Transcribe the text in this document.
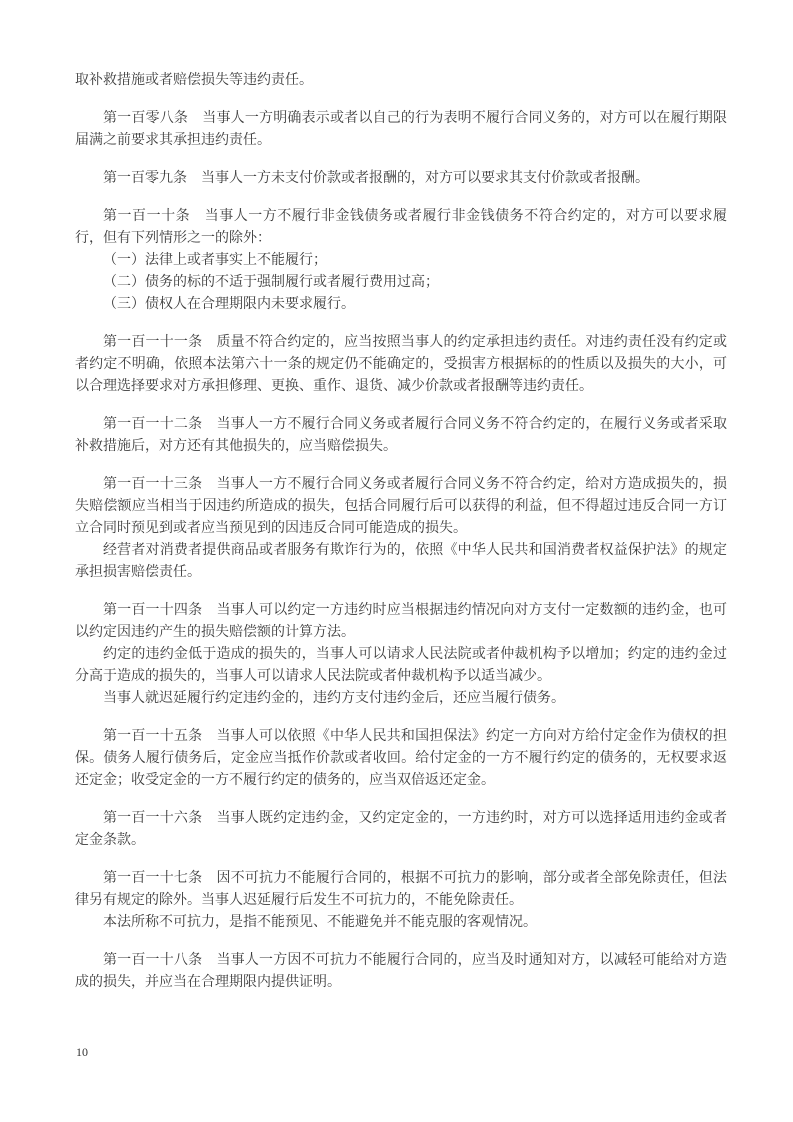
取补救措施或者赔偿损失等违约责任。

第一百零八条　当事人一方明确表示或者以自己的行为表明不履行合同义务的，对方可以在履行期限届满之前要求其承担违约责任。

第一百零九条　当事人一方未支付价款或者报酬的，对方可以要求其支付价款或者报酬。

第一百一十条　当事人一方不履行非金钱债务或者履行非金钱债务不符合约定的，对方可以要求履行，但有下列情形之一的除外：

（一）法律上或者事实上不能履行；

（二）债务的标的不适于强制履行或者履行费用过高；

（三）债权人在合理期限内未要求履行。

第一百一十一条　质量不符合约定的，应当按照当事人的约定承担违约责任。对违约责任没有约定或者约定不明确，依照本法第六十一条的规定仍不能确定的，受损害方根据标的的性质以及损失的大小，可以合理选择要求对方承担修理、更换、重作、退货、减少价款或者报酬等违约责任。

第一百一十二条　当事人一方不履行合同义务或者履行合同义务不符合约定的，在履行义务或者采取补救措施后，对方还有其他损失的，应当赔偿损失。

第一百一十三条　当事人一方不履行合同义务或者履行合同义务不符合约定，给对方造成损失的，损失赔偿额应当相当于因违约所造成的损失，包括合同履行后可以获得的利益，但不得超过违反合同一方订立合同时预见到或者应当预见到的因违反合同可能造成的损失。

经营者对消费者提供商品或者服务有欺诈行为的，依照《中华人民共和国消费者权益保护法》的规定承担损害赔偿责任。

第一百一十四条　当事人可以约定一方违约时应当根据违约情况向对方支付一定数额的违约金，也可以约定因违约产生的损失赔偿额的计算方法。

约定的违约金低于造成的损失的，当事人可以请求人民法院或者仲裁机构予以增加；约定的违约金过分高于造成的损失的，当事人可以请求人民法院或者仲裁机构予以适当减少。

当事人就迟延履行约定违约金的，违约方支付违约金后，还应当履行债务。

第一百一十五条　当事人可以依照《中华人民共和国担保法》约定一方向对方给付定金作为债权的担保。债务人履行债务后，定金应当抵作价款或者收回。给付定金的一方不履行约定的债务的，无权要求返还定金；收受定金的一方不履行约定的债务的，应当双倍返还定金。

第一百一十六条　当事人既约定违约金，又约定定金的，一方违约时，对方可以选择适用违约金或者定金条款。

第一百一十七条　因不可抗力不能履行合同的，根据不可抗力的影响，部分或者全部免除责任，但法律另有规定的除外。当事人迟延履行后发生不可抗力的，不能免除责任。

本法所称不可抗力，是指不能预见、不能避免并不能克服的客观情况。

第一百一十八条　当事人一方因不可抗力不能履行合同的，应当及时通知对方，以减轻可能给对方造成的损失，并应当在合理期限内提供证明。

10
